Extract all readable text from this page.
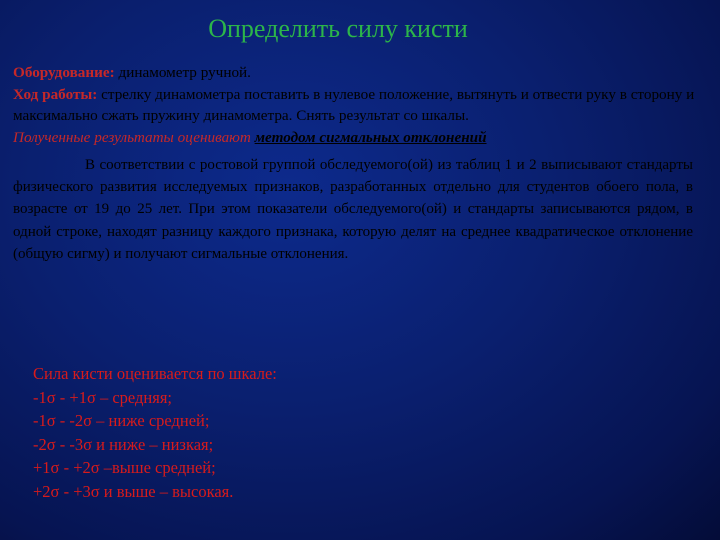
Определить силу кисти

Оборудование: динамометр ручной.

Ход работы: стрелку динамометра поставить в нулевое положение, вытянуть и отвести руку в сторону и максимально сжать пружину динамометра. Снять результат со шкалы.

Полученные результаты оценивают методом сигмальных отклонений

В соответствии с ростовой группой обследуемого(ой) из таблиц 1 и 2 выписывают стандарты физического развития исследуемых признаков, разработанных отдельно для студентов обоего пола, в возрасте от 19 до 25 лет. При этом показатели обследуемого(ой) и стандарты записываются рядом, в одной строке, находят разницу каждого признака, которую делят на среднее квадратическое отклонение (общую сигму) и получают сигмальные отклонения.

Сила кисти оценивается по шкале:
-1σ - +1σ – средняя;
-1σ - -2σ – ниже средней;
-2σ - -3σ и ниже – низкая;
+1σ - +2σ –выше средней;
+2σ - +3σ и выше – высокая.
